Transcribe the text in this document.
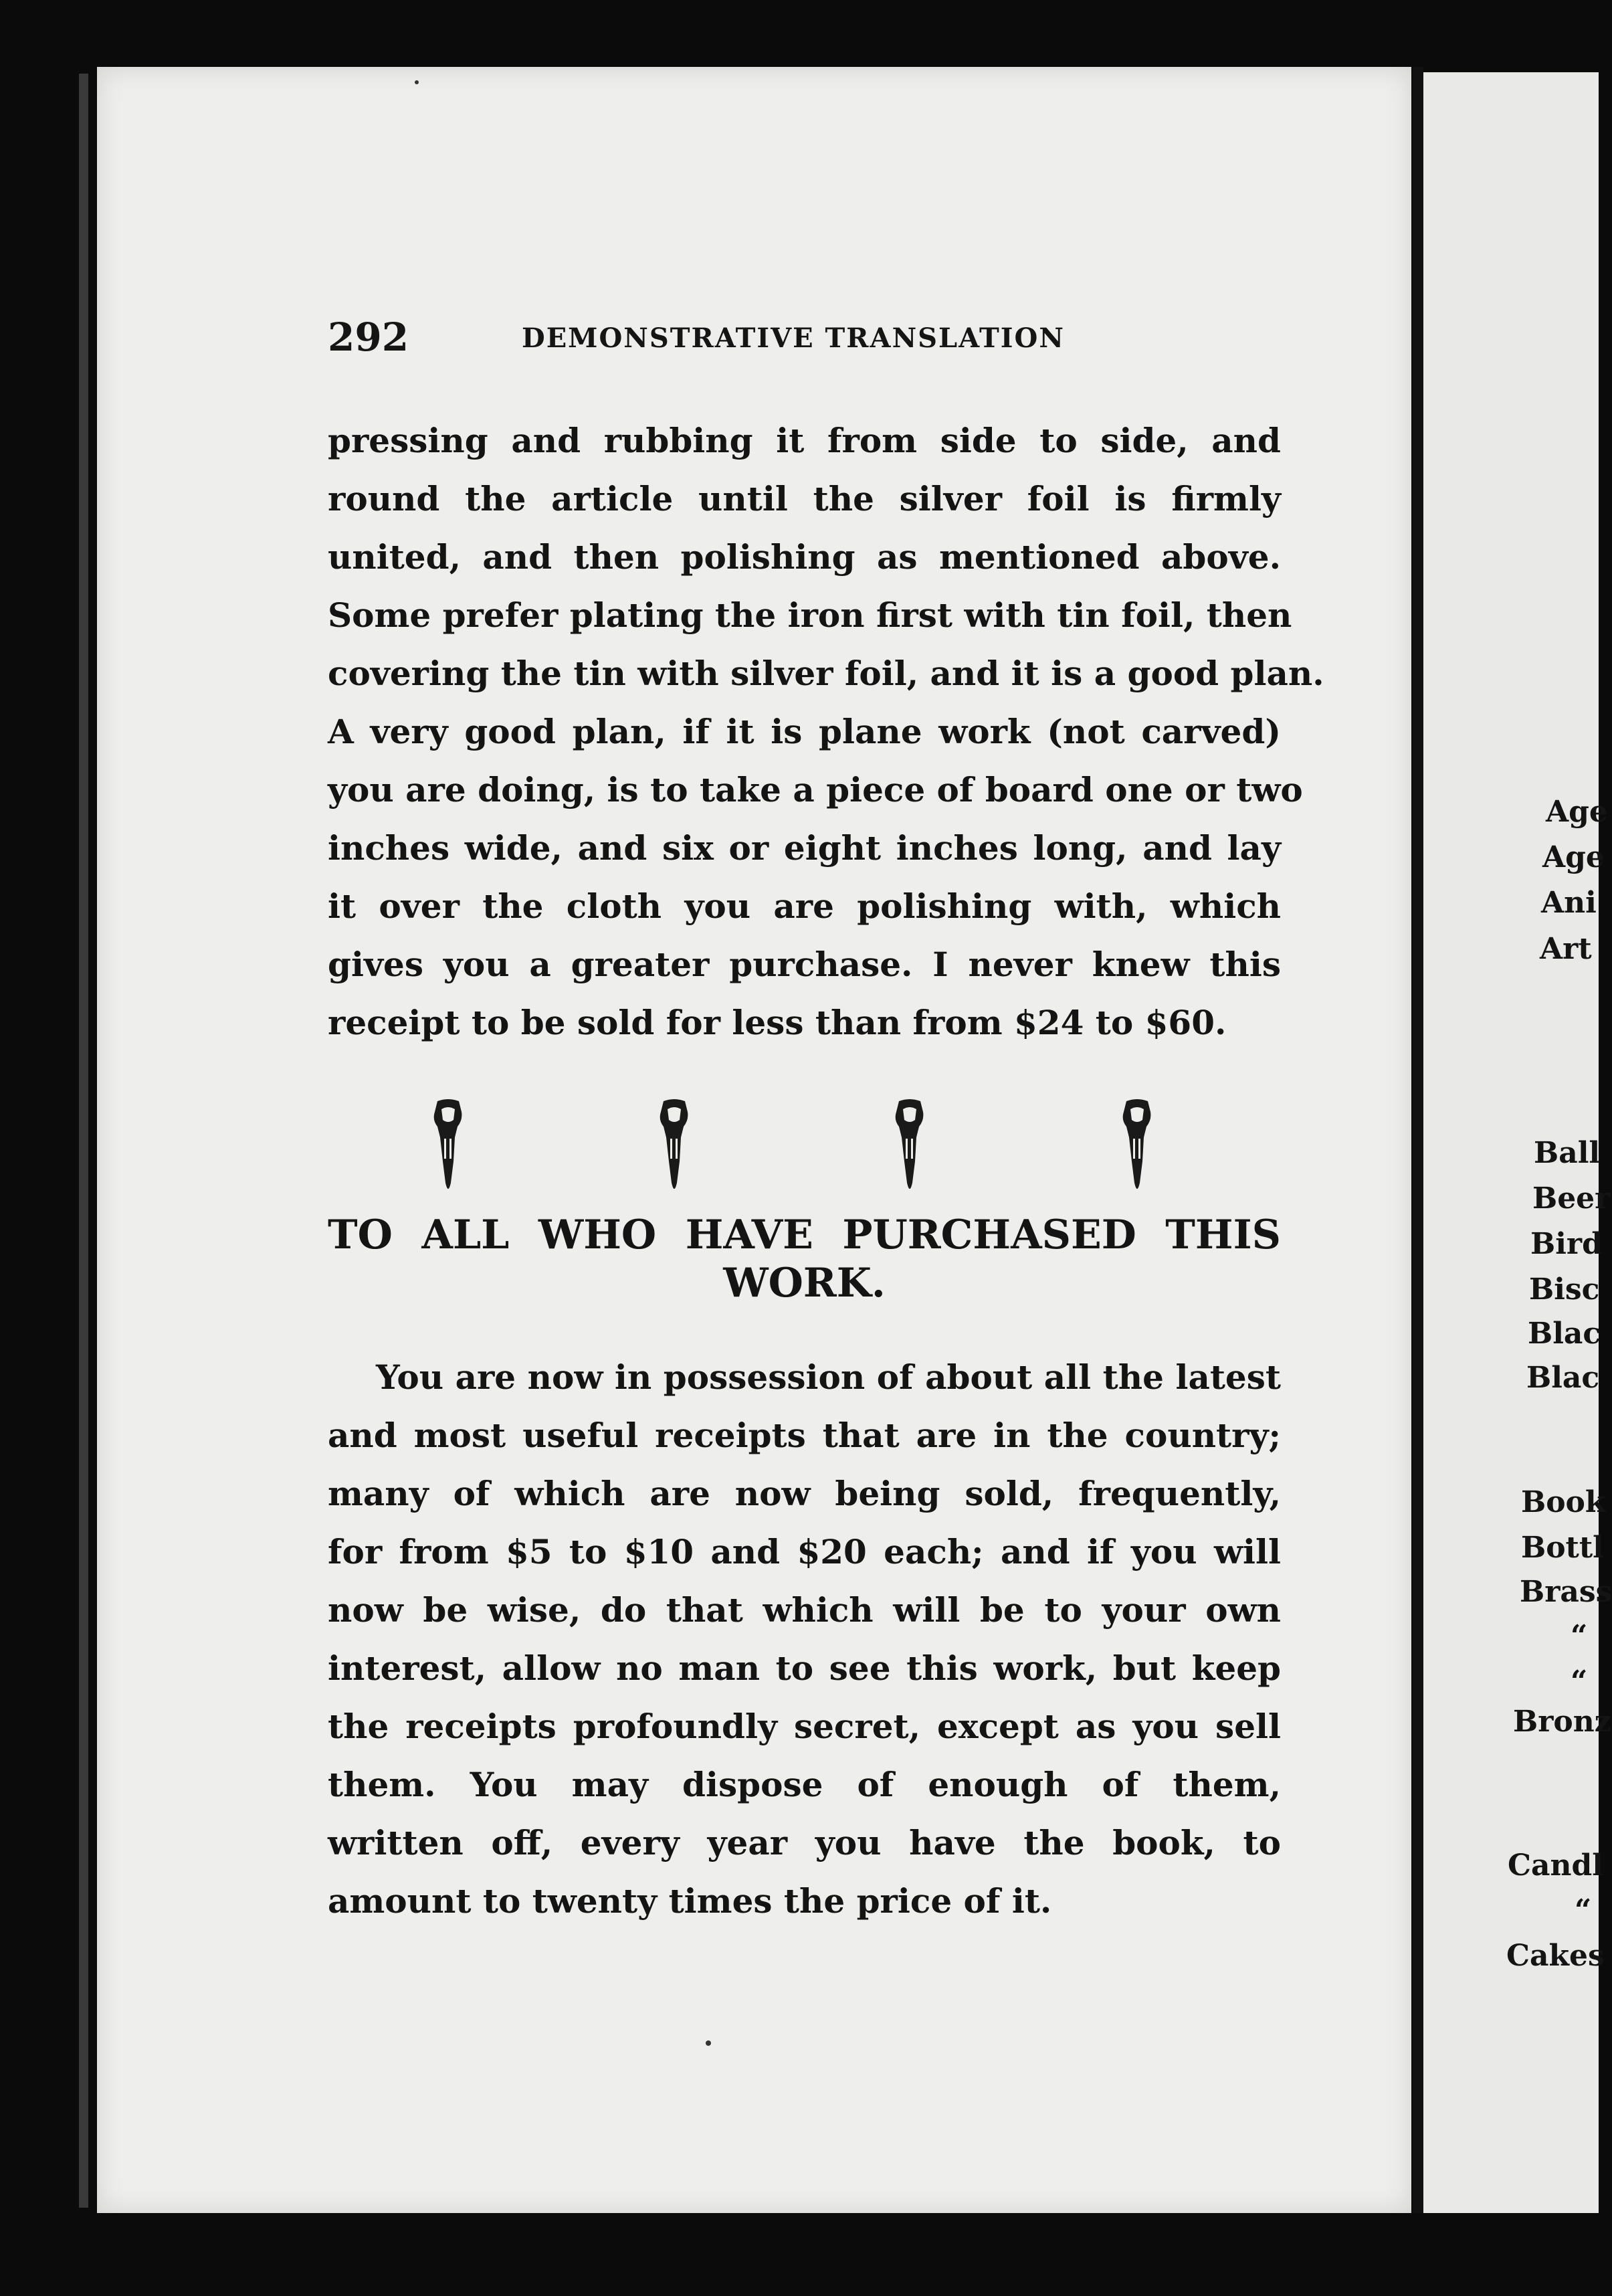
Age
Age
Ani
Art
Ball
Beer
Bird
Bisc
Blac
Blac
Book
Bottl
Brass
“
“
Bronz
Candl
“
Cakes
292	DEMONSTRATIVE TRANSLATION
pressing and rubbing it from side to side, and
round the article until the silver foil is firmly
united, and then polishing as mentioned above.
Some prefer plating the iron first with tin foil, then
covering the tin with silver foil, and it is a good plan.
A very good plan, if it is plane work (not carved)
you are doing, is to take a piece of board one or two
inches wide, and six or eight inches long, and lay
it over the cloth you are polishing with, which
gives you a greater purchase. I never knew this
receipt to be sold for less than from $24 to $60.
TO ALL WHO HAVE PURCHASED THIS
WORK.
You are now in possession of about all the latest
and most useful receipts that are in the country;
many of which are now being sold, frequently,
for from $5 to $10 and $20 each; and if you will
now be wise, do that which will be to your own
interest, allow no man to see this work, but keep
the receipts profoundly secret, except as you sell
them. You may dispose of enough of them,
written off, every year you have the book, to
amount to twenty times the price of it.
